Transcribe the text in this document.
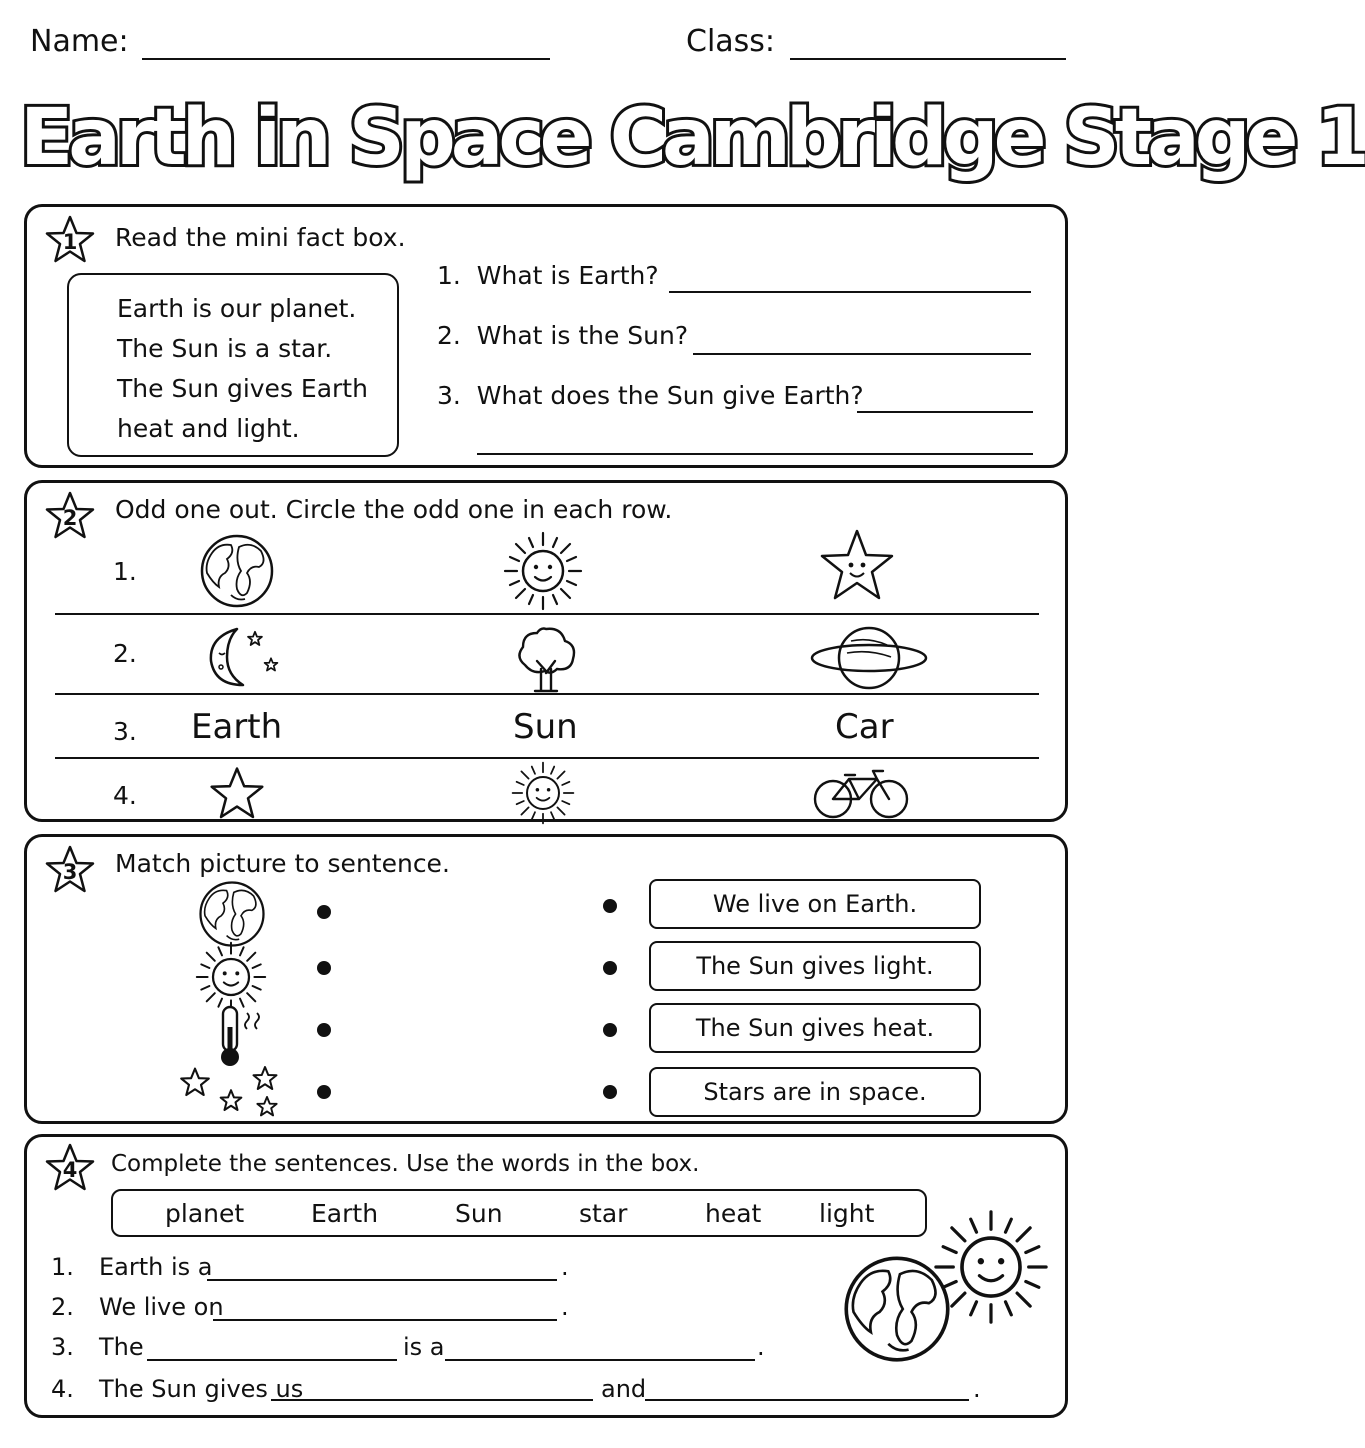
Name:	Class:
Earth in Space Cambridge Stage 1
1	Read the mini fact box.
Earth is our planet.
The Sun is a star.
The Sun gives Earth
heat and light.
1. What is Earth?
2. What is the Sun?
3. What does the Sun give Earth?
2	Odd one out. Circle the odd one in each row.
1.
2.
3. Earth	Sun	Car
4.
3	Match picture to sentence.
We live on Earth.
The Sun gives light.
The Sun gives heat.
Stars are in space.
4	Complete the sentences. Use the words in the box.
planet	Earth	Sun	star	heat light
1. Earth is a	.
2. We live on	.
3. The	is a	.
4. The Sun gives us	and	.
